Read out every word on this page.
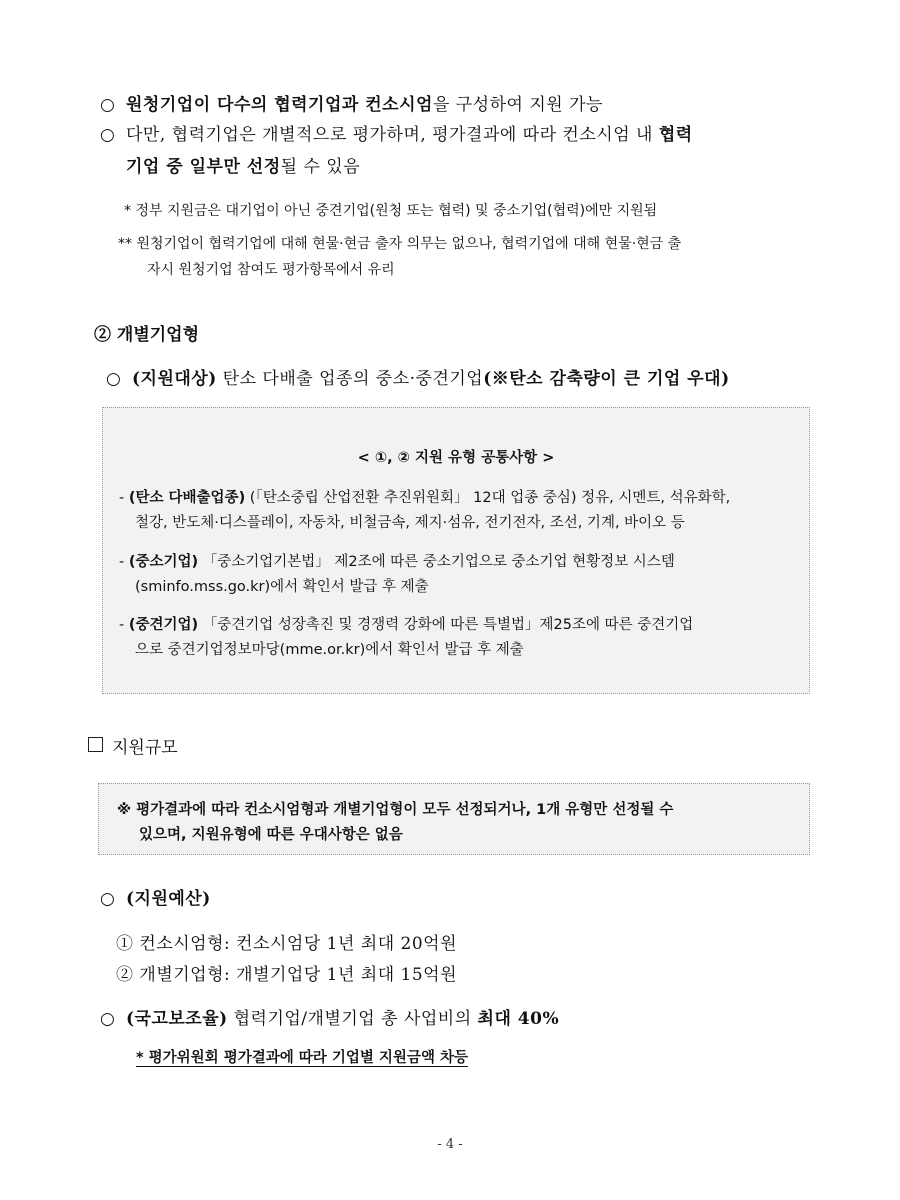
○ 원청기업이 다수의 협력기업과 컨소시엄을 구성하여 지원 가능
○ 다만, 협력기업은 개별적으로 평가하며, 평가결과에 따라 컨소시엄 내 협력
기업 중 일부만 선정될 수 있음
* 정부 지원금은 대기업이 아닌 중견기업(원청 또는 협력) 및 중소기업(협력)에만 지원됨
** 원청기업이 협력기업에 대해 현물·현금 출자 의무는 없으나, 협력기업에 대해 현물·현금 출
자시 원청기업 참여도 평가항목에서 유리
② 개별기업형
○ (지원대상) 탄소 다배출 업종의 중소·중견기업(※탄소 감축량이 큰 기업 우대)
< ①, ② 지원 유형 공통사항 >
- (탄소 다배출업종) (「탄소중립 산업전환 추진위원회」 12대 업종 중심) 정유, 시멘트, 석유화학,
철강, 반도체·디스플레이, 자동차, 비철금속, 제지·섬유, 전기전자, 조선, 기계, 바이오 등
- (중소기업) 「중소기업기본법」 제2조에 따른 중소기업으로 중소기업 현황정보 시스템
(sminfo.mss.go.kr)에서 확인서 발급 후 제출
- (중견기업) 「중견기업 성장촉진 및 경쟁력 강화에 따른 특별법」제25조에 따른 중견기업
으로 중견기업정보마당(mme.or.kr)에서 확인서 발급 후 제출
지원규모
※ 평가결과에 따라 컨소시엄형과 개별기업형이 모두 선정되거나, 1개 유형만 선정될 수
있으며, 지원유형에 따른 우대사항은 없음
○ (지원예산)
① 컨소시엄형: 컨소시엄당 1년 최대 20억원
② 개별기업형: 개별기업당 1년 최대 15억원
○ (국고보조율) 협력기업/개별기업 총 사업비의 최대 40%
* 평가위원회 평가결과에 따라 기업별 지원금액 차등
- 4 -
